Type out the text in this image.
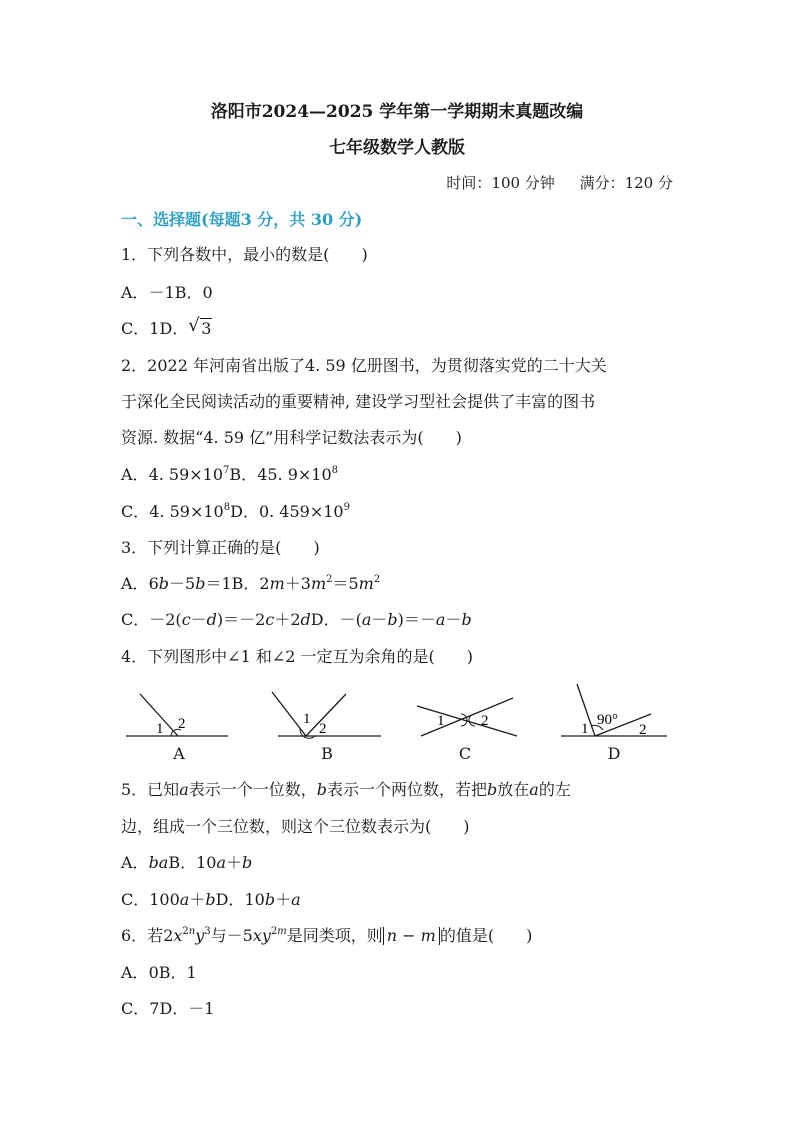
洛阳市2024—2025 学年第一学期期末真题改编
七年级数学人教版
时间：100 分钟 满分：120 分
一、选择题(每题3 分，共 30 分)
1．下列各数中，最小的数是( )
A．－1B．0
C．1D． √ 3
2．2022 年河南省出版了4. 59 亿册图书，为贯彻落实党的二十大关
于深化全民阅读活动的重要精神, 建设学习型社会提供了丰富的图书
资源. 数据“4. 59 亿”用科学记数法表示为( )
A．4. $59\times 10^7B$．45. $9\times 10^8$
C．4. $59\times 10^8D$．0. $459\times 10^9$
3．下列计算正确的是( )
A．6b－5b＝1B．$2m+3m^2=5m^2$
C．－2(c－d)＝－2c＋2dD．－(a－b)＝－a－b
4．下列图形中∠1 和∠2 一定互为余角的是( )
1 2
A
1
2
B
1 2
C
1
90°
2
D
5．已知a表示一个一位数，b表示一个两位数，若把b放在a的左
边，组成一个三位数，则这个三位数表示为( )
A．baB．10a＋b
C．100a＋bD．10b＋a
6．若$2x^{2n}y^3$与$-5xy^{2m}$是同类项，则 n − m 的值是( )
A．0B．1
C．7D．－1
